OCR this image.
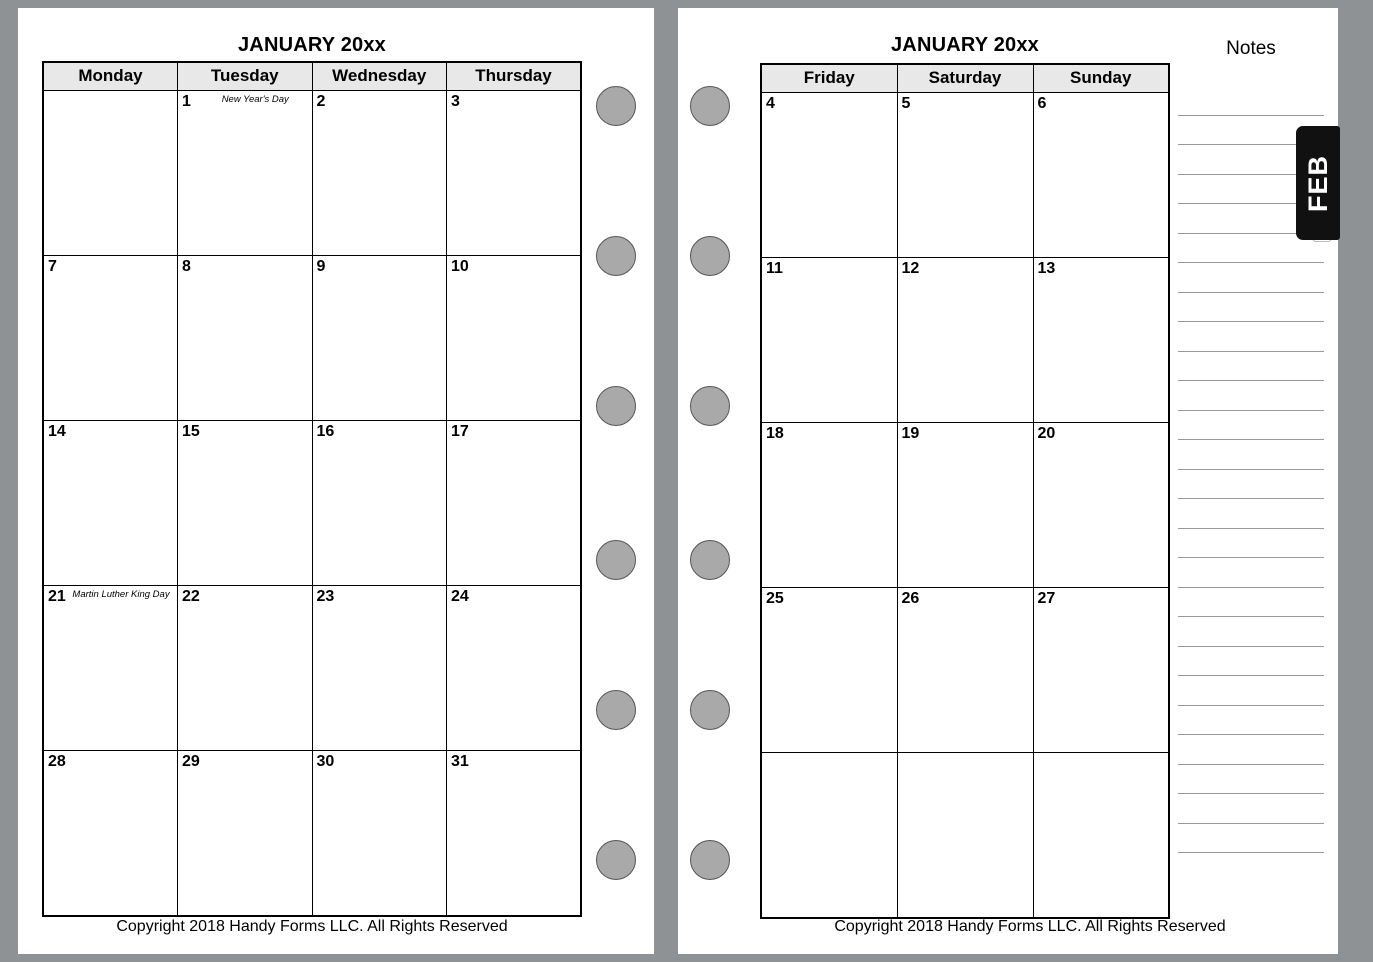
JANUARY 20xx
Monday	Tuesday	Wednesday	Thursday

	1 New Year's Day	2	3

7	8	9	10

14	15	16	17

21 Martin Luther King Day	22	23	24

28	29	30	31
Copyright 2018 Handy Forms LLC. All Rights Reserved
JANUARY 20xx
Friday	Saturday	Sunday

4	5	6

11	12	13

18	19	20

25	26	27

Notes
Copyright 2018 Handy Forms LLC. All Rights Reserved
FEB
